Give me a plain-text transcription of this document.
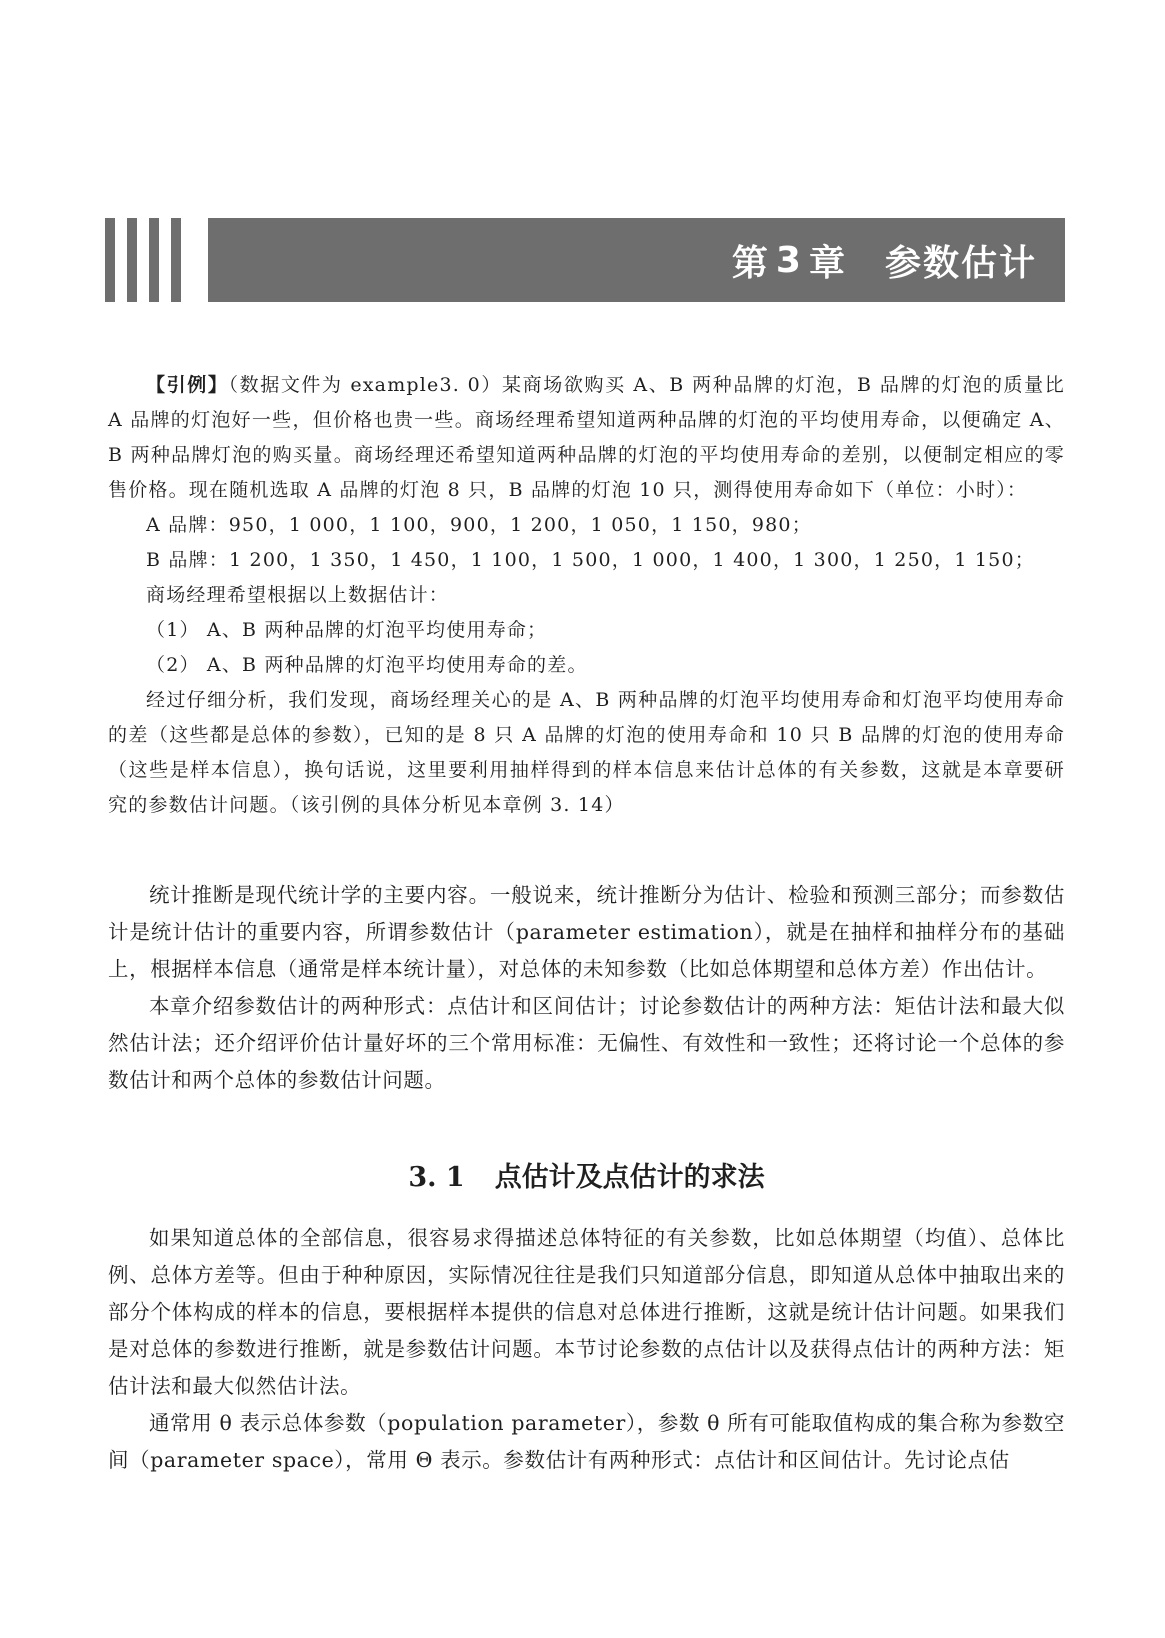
第 3 章 参数估计

【引例】（数据文件为 example3. 0）某商场欲购买 A、B 两种品牌的灯泡，B 品牌的灯泡的质量比 A 品牌的灯泡好一些，但价格也贵一些。商场经理希望知道两种品牌的灯泡的平均使用寿命，以便确定 A、B 两种品牌灯泡的购买量。商场经理还希望知道两种品牌的灯泡的平均使用寿命的差别，以便制定相应的零售价格。现在随机选取 A 品牌的灯泡 8 只，B 品牌的灯泡 10 只，测得使用寿命如下（单位：小时）：

A 品牌：950，1 000，1 100，900，1 200，1 050，1 150，980；

B 品牌：1 200，1 350，1 450，1 100，1 500，1 000，1 400，1 300，1 250，1 150；

商场经理希望根据以上数据估计：

（1） A、B 两种品牌的灯泡平均使用寿命；

（2） A、B 两种品牌的灯泡平均使用寿命的差。

经过仔细分析，我们发现，商场经理关心的是 A、B 两种品牌的灯泡平均使用寿命和灯泡平均使用寿命的差（这些都是总体的参数），已知的是 8 只 A 品牌的灯泡的使用寿命和 10 只 B 品牌的灯泡的使用寿命（这些是样本信息），换句话说，这里要利用抽样得到的样本信息来估计总体的有关参数，这就是本章要研究的参数估计问题。（该引例的具体分析见本章例 3. 14）

统计推断是现代统计学的主要内容。一般说来，统计推断分为估计、检验和预测三部分；而参数估计是统计估计的重要内容，所谓参数估计（parameter estimation），就是在抽样和抽样分布的基础上，根据样本信息（通常是样本统计量），对总体的未知参数（比如总体期望和总体方差）作出估计。

本章介绍参数估计的两种形式：点估计和区间估计；讨论参数估计的两种方法：矩估计法和最大似然估计法；还介绍评价估计量好坏的三个常用标准：无偏性、有效性和一致性；还将讨论一个总体的参数估计和两个总体的参数估计问题。

3. 1 点估计及点估计的求法

如果知道总体的全部信息，很容易求得描述总体特征的有关参数，比如总体期望（均值）、总体比例、总体方差等。但由于种种原因，实际情况往往是我们只知道部分信息，即知道从总体中抽取出来的部分个体构成的样本的信息，要根据样本提供的信息对总体进行推断，这就是统计估计问题。如果我们是对总体的参数进行推断，就是参数估计问题。本节讨论参数的点估计以及获得点估计的两种方法：矩估计法和最大似然估计法。

通常用 θ 表示总体参数（population parameter），参数 θ 所有可能取值构成的集合称为参数空间（parameter space），常用 Θ 表示。参数估计有两种形式：点估计和区间估计。先讨论点估
